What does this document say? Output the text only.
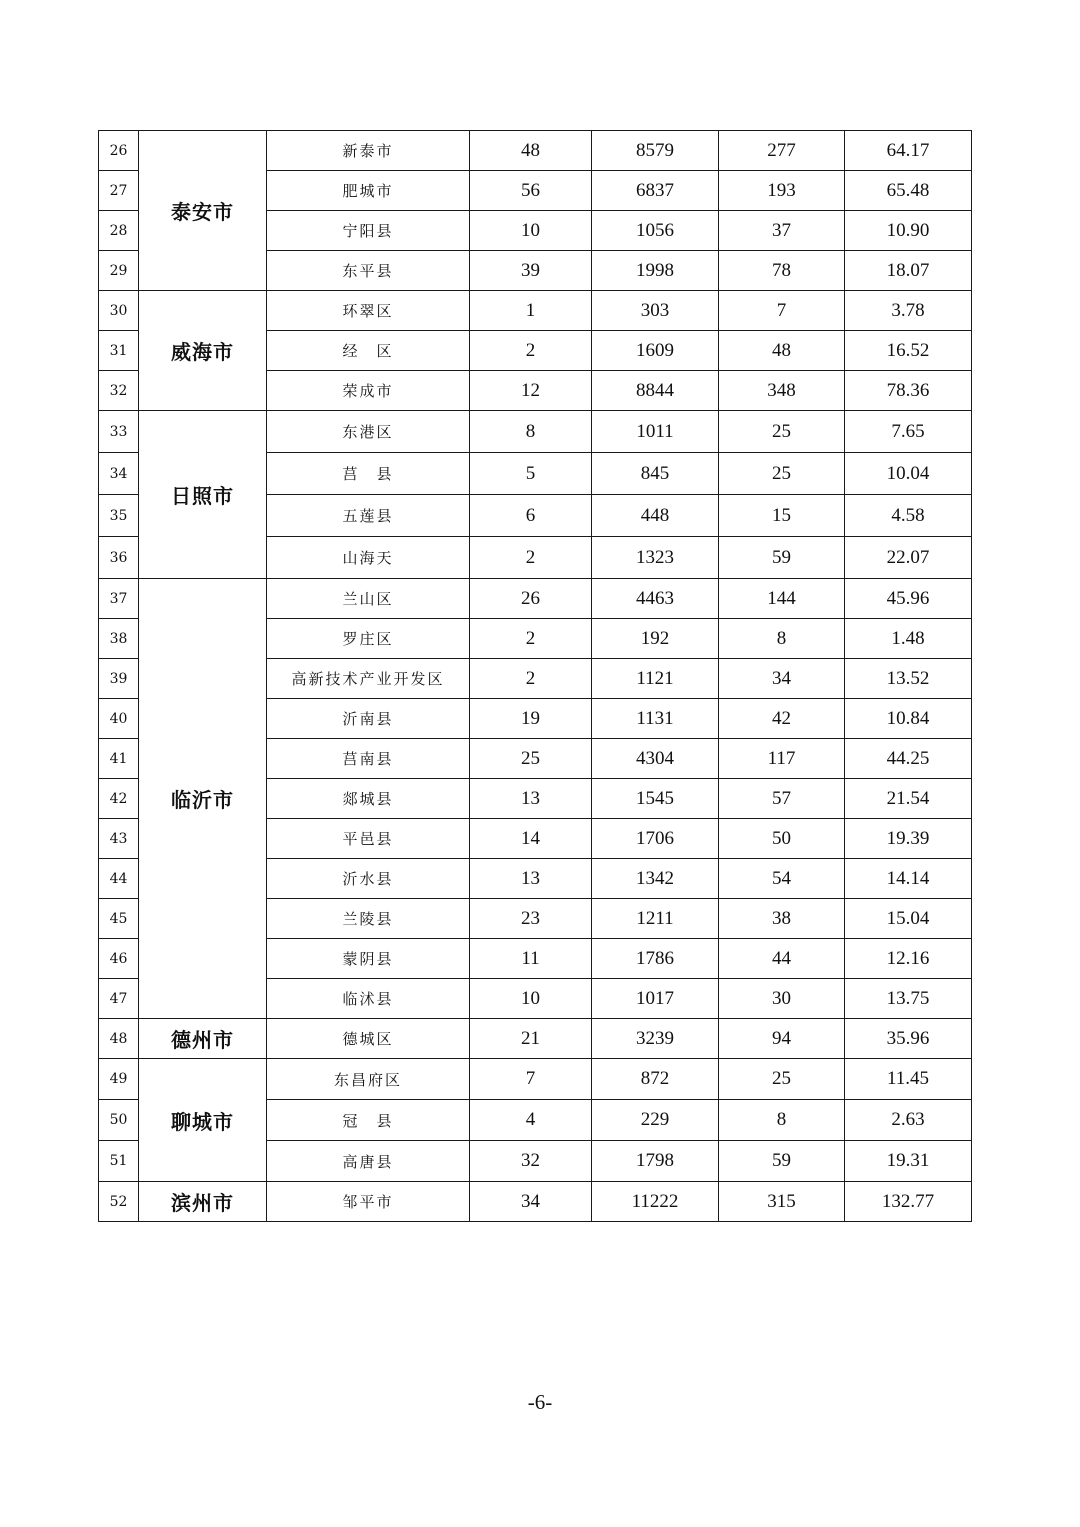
26	泰安市	新泰市	48	8579	277	64.17
27		肥城市	56	6837	193	65.48
28		宁阳县	10	1056	37	10.90
29		东平县	39	1998	78	18.07
30	威海市	环翠区	1	303	7	3.78
31		经　区	2	1609	48	16.52
32		荣成市	12	8844	348	78.36
33	日照市	东港区	8	1011	25	7.65
34		莒　县	5	845	25	10.04
35		五莲县	6	448	15	4.58
36		山海天	2	1323	59	22.07
37	临沂市	兰山区	26	4463	144	45.96
38		罗庄区	2	192	8	1.48
39		高新技术产业开发区	2	1121	34	13.52
40		沂南县	19	1131	42	10.84
41		莒南县	25	4304	117	44.25
42		郯城县	13	1545	57	21.54
43		平邑县	14	1706	50	19.39
44		沂水县	13	1342	54	14.14
45		兰陵县	23	1211	38	15.04
46		蒙阴县	11	1786	44	12.16
47		临沭县	10	1017	30	13.75
48	德州市	德城区	21	3239	94	35.96
49	聊城市	东昌府区	7	872	25	11.45
50		冠　县	4	229	8	2.63
51		高唐县	32	1798	59	19.31
52	滨州市	邹平市	34	11222	315	132.77
-6-
